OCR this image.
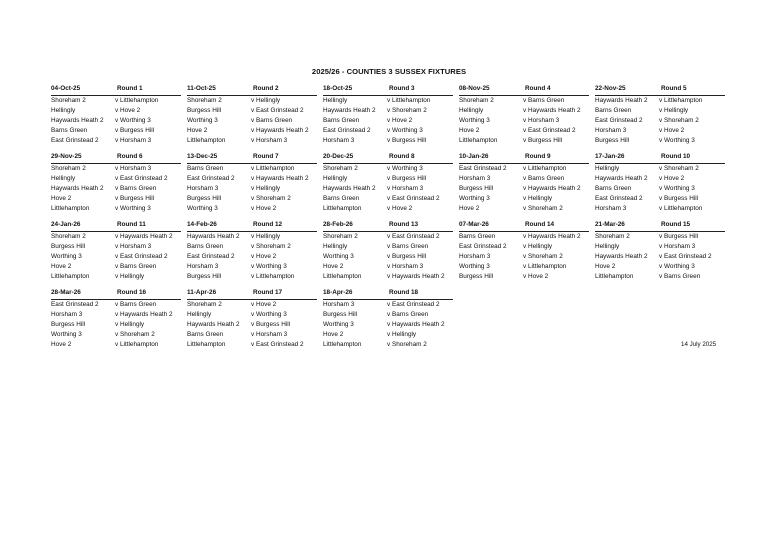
2025/26 - COUNTIES 3 SUSSEX FIXTURES
04-Oct-25	Round 1
Shoreham 2	v Littlehampton
Hellingly	v Hove 2
Haywards Heath 2 v Worthing 3
Barns Green	v Burgess Hill
East Grinstead 2	v Horsham 3
11-Oct-25	Round 2
Shoreham 2	v Hellingly
Burgess Hill	v East Grinstead 2
Worthing 3	v Barns Green
Hove 2	v Haywards Heath 2
Littlehampton	v Horsham 3
18-Oct-25	Round 3
Hellingly	v Littlehampton
Haywards Heath 2 v Shoreham 2
Barns Green	v Hove 2
East Grinstead 2	v Worthing 3
Horsham 3	v Burgess Hill
08-Nov-25	Round 4
Shoreham 2	v Barns Green
Hellingly	v Haywards Heath 2
Worthing 3	v Horsham 3
Hove 2	v East Grinstead 2
Littlehampton	v Burgess Hill
22-Nov-25	Round 5
Haywards Heath 2 v Littlehampton
Barns Green	v Hellingly
East Grinstead 2	v Shoreham 2
Horsham 3	v Hove 2
Burgess Hill	v Worthing 3
29-Nov-25	Round 6
Shoreham 2	v Horsham 3
Hellingly	v East Grinstead 2
Haywards Heath 2 v Barns Green
Hove 2	v Burgess Hill
Littlehampton	v Worthing 3
13-Dec-25	Round 7
Barns Green	v Littlehampton
East Grinstead 2	v Haywards Heath 2
Horsham 3	v Hellingly
Burgess Hill	v Shoreham 2
Worthing 3	v Hove 2
20-Dec-25	Round 8
Shoreham 2	v Worthing 3
Hellingly	v Burgess Hill
Haywards Heath 2 v Horsham 3
Barns Green	v East Grinstead 2
Littlehampton	v Hove 2
10-Jan-26	Round 9
East Grinstead 2	v Littlehampton
Horsham 3	v Barns Green
Burgess Hill	v Haywards Heath 2
Worthing 3	v Hellingly
Hove 2	v Shoreham 2
17-Jan-26	Round 10
Hellingly	v Shoreham 2
Haywards Heath 2 v Hove 2
Barns Green	v Worthing 3
East Grinstead 2	v Burgess Hill
Horsham 3	v Littlehampton
24-Jan-26	Round 11
Shoreham 2	v Haywards Heath 2
Burgess Hill	v Horsham 3
Worthing 3	v East Grinstead 2
Hove 2	v Barns Green
Littlehampton	v Hellingly
14-Feb-26	Round 12
Haywards Heath 2 v Hellingly
Barns Green	v Shoreham 2
East Grinstead 2	v Hove 2
Horsham 3	v Worthing 3
Burgess Hill	v Littlehampton
28-Feb-26	Round 13
Shoreham 2	v East Grinstead 2
Hellingly	v Barns Green
Worthing 3	v Burgess Hill
Hove 2	v Horsham 3
Littlehampton	v Haywards Heath 2
07-Mar-26	Round 14
Barns Green	v Haywards Heath 2
East Grinstead 2	v Hellingly
Horsham 3	v Shoreham 2
Worthing 3	v Littlehampton
Burgess Hill	v Hove 2
21-Mar-26	Round 15
Shoreham 2	v Burgess Hill
Hellingly	v Horsham 3
Haywards Heath 2 v East Grinstead 2
Hove 2	v Worthing 3
Littlehampton	v Barns Green
28-Mar-26	Round 16
East Grinstead 2	v Barns Green
Horsham 3	v Haywards Heath 2
Burgess Hill	v Hellingly
Worthing 3	v Shoreham 2
Hove 2	v Littlehampton
11-Apr-26	Round 17
Shoreham 2	v Hove 2
Hellingly	v Worthing 3
Haywards Heath 2 v Burgess Hill
Barns Green	v Horsham 3
Littlehampton	v East Grinstead 2
18-Apr-26	Round 18
Horsham 3	v East Grinstead 2
Burgess Hill	v Barns Green
Worthing 3	v Haywards Heath 2
Hove 2	v Hellingly
Littlehampton	v Shoreham 2	14 July 2025
